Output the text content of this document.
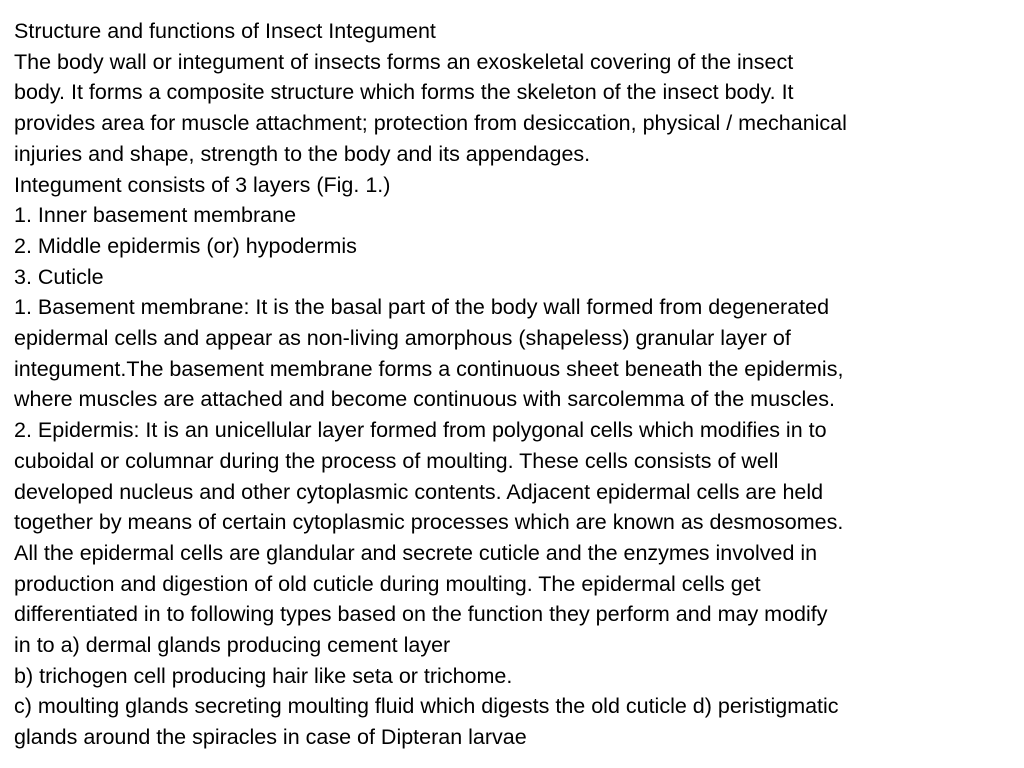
Structure and functions of Insect Integument
The body wall or integument of insects forms an exoskeletal covering of the insect
body. It forms a composite structure which forms the skeleton of the insect body. It
provides area for muscle attachment; protection from desiccation, physical / mechanical
injuries and shape, strength to the body and its appendages.
Integument consists of 3 layers (Fig. 1.)
1. Inner basement membrane
2. Middle epidermis (or) hypodermis
3. Cuticle
1. Basement membrane: It is the basal part of the body wall formed from degenerated
epidermal cells and appear as non-living amorphous (shapeless) granular layer of
integument.The basement membrane forms a continuous sheet beneath the epidermis,
where muscles are attached and become continuous with sarcolemma of the muscles.
2. Epidermis: It is an unicellular layer formed from polygonal cells which modifies in to
cuboidal or columnar during the process of moulting. These cells consists of well
developed nucleus and other cytoplasmic contents. Adjacent epidermal cells are held
together by means of certain cytoplasmic processes which are known as desmosomes.
All the epidermal cells are glandular and secrete cuticle and the enzymes involved in
production and digestion of old cuticle during moulting. The epidermal cells get
differentiated in to following types based on the function they perform and may modify
in to a) dermal glands producing cement layer
b) trichogen cell producing hair like seta or trichome.
c) moulting glands secreting moulting fluid which digests the old cuticle d) peristigmatic
glands around the spiracles in case of Dipteran larvae
